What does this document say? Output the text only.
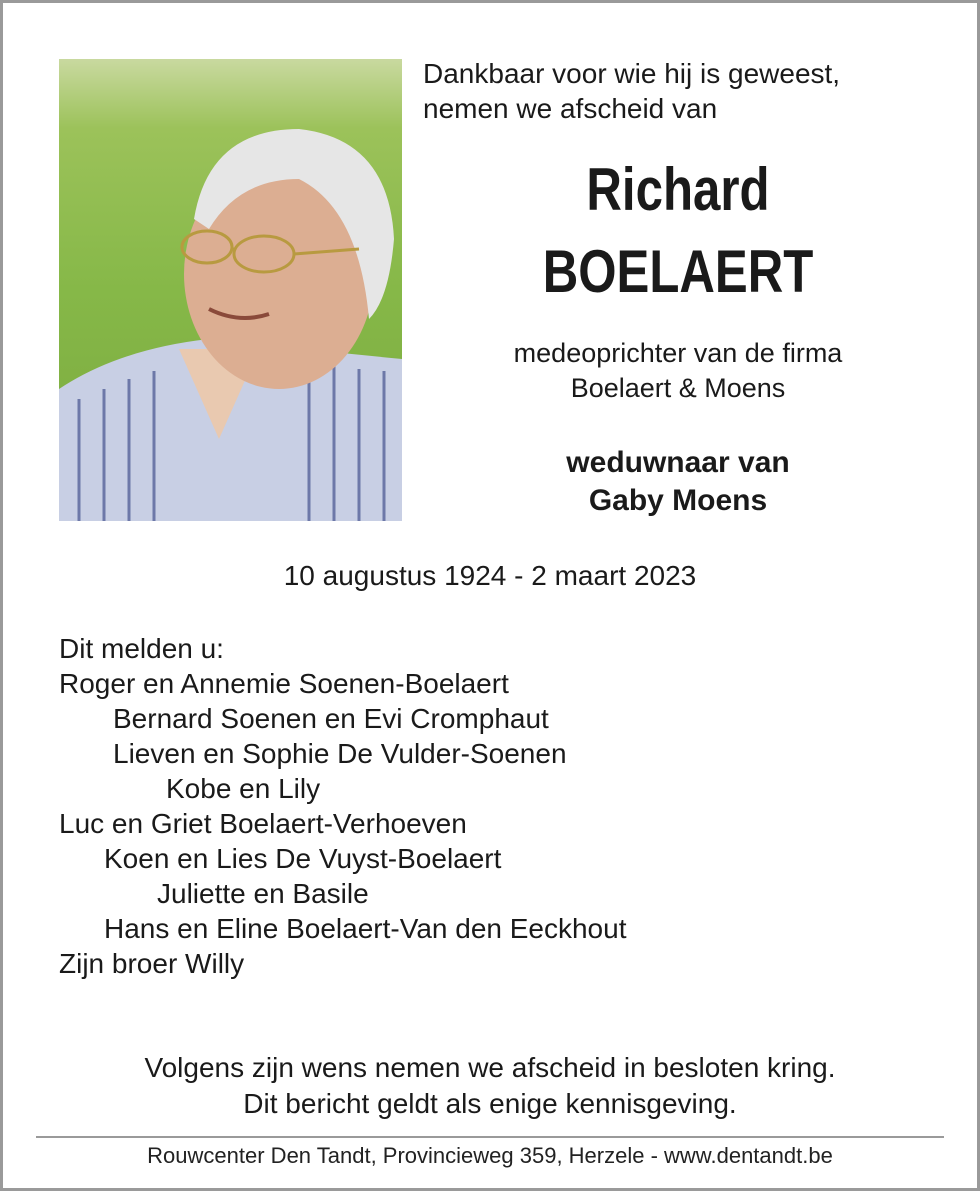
Dankbaar voor wie hij is geweest,
nemen we afscheid van
Richard
BOELAERT
medeoprichter van de firma
Boelaert & Moens
weduwnaar van
Gaby Moens
10 augustus 1924 - 2 maart 2023
Dit melden u:
Roger en Annemie Soenen-Boelaert
Bernard Soenen en Evi Cromphaut
Lieven en Sophie De Vulder-Soenen
Kobe en Lily
Luc en Griet Boelaert-Verhoeven
Koen en Lies De Vuyst-Boelaert
Juliette en Basile
Hans en Eline Boelaert-Van den Eeckhout
Zijn broer Willy
Volgens zijn wens nemen we afscheid in besloten kring.
Dit bericht geldt als enige kennisgeving.
Rouwcenter Den Tandt, Provincieweg 359, Herzele - www.dentandt.be
